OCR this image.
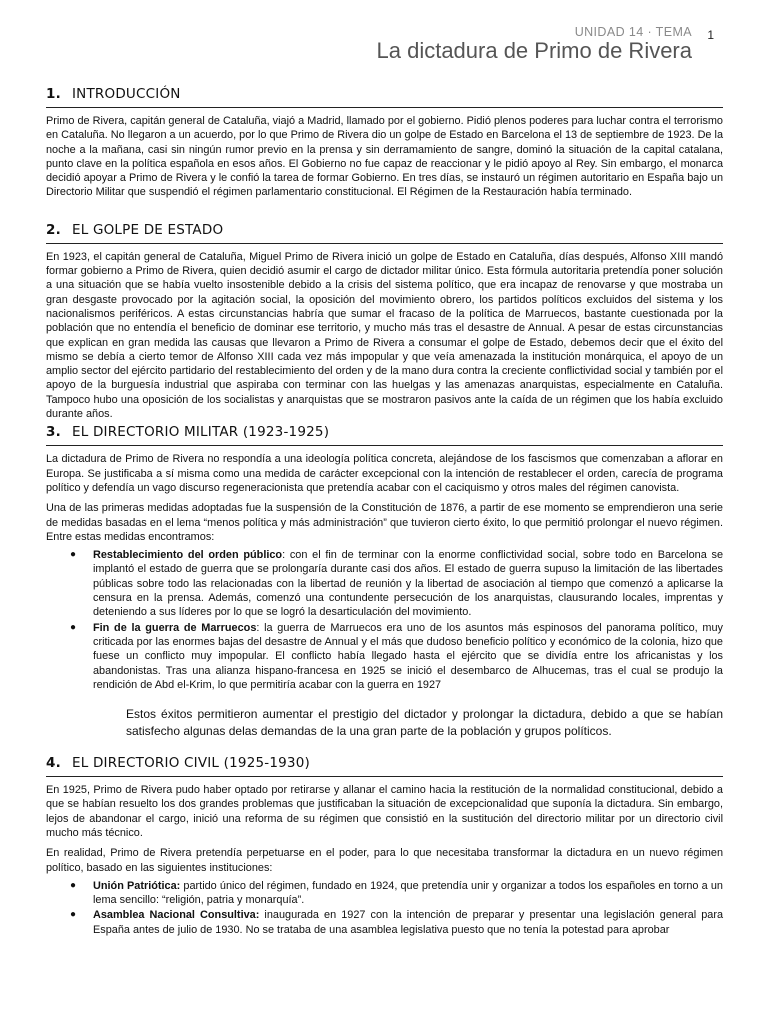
UNIDAD 14 · TEMA 1
La dictadura de Primo de Rivera
1. INTRODUCCIÓN

Primo de Rivera, capitán general de Cataluña, viajó a Madrid, llamado por el gobierno. Pidió plenos poderes para luchar contra el terrorismo en Cataluña. No llegaron a un acuerdo, por lo que Primo de Rivera dio un golpe de Estado en Barcelona el 13 de septiembre de 1923. De la noche a la mañana, casi sin ningún rumor previo en la prensa y sin derramamiento de sangre, dominó la situación de la capital catalana, punto clave en la política española en esos años. El Gobierno no fue capaz de reaccionar y le pidió apoyo al Rey. Sin embargo, el monarca decidió apoyar a Primo de Rivera y le confió la tarea de formar Gobierno. En tres días, se instauró un régimen autoritario en España bajo un Directorio Militar que suspendió el régimen parlamentario constitucional. El Régimen de la Restauración había terminado.

2. EL GOLPE DE ESTADO

En 1923, el capitán general de Cataluña, Miguel Primo de Rivera inició un golpe de Estado en Cataluña, días después, Alfonso XIII mandó formar gobierno a Primo de Rivera, quien decidió asumir el cargo de dictador militar único. Esta fórmula autoritaria pretendía poner solución a una situación que se había vuelto insostenible debido a la crisis del sistema político, que era incapaz de renovarse y que mostraba un gran desgaste provocado por la agitación social, la oposición del movimiento obrero, los partidos políticos excluidos del sistema y los nacionalismos periféricos. A estas circunstancias habría que sumar el fracaso de la política de Marruecos, bastante cuestionada por la población que no entendía el beneficio de dominar ese territorio, y mucho más tras el desastre de Annual. A pesar de estas circunstancias que explican en gran medida las causas que llevaron a Primo de Rivera a consumar el golpe de Estado, debemos decir que el éxito del mismo se debía a cierto temor de Alfonso XIII cada vez más impopular y que veía amenazada la institución monárquica, el apoyo de un amplio sector del ejército partidario del restablecimiento del orden y de la mano dura contra la creciente conflictividad social y también por el apoyo de la burguesía industrial que aspiraba con terminar con las huelgas y las amenazas anarquistas, especialmente en Cataluña. Tampoco hubo una oposición de los socialistas y anarquistas que se mostraron pasivos ante la caída de un régimen que los había excluido durante años.

3. EL DIRECTORIO MILITAR (1923-1925)

La dictadura de Primo de Rivera no respondía a una ideología política concreta, alejándose de los fascismos que comenzaban a aflorar en Europa. Se justificaba a sí misma como una medida de carácter excepcional con la intención de restablecer el orden, carecía de programa político y defendía un vago discurso regeneracionista que pretendía acabar con el caciquismo y otros males del régimen canovista.

Una de las primeras medidas adoptadas fue la suspensión de la Constitución de 1876, a partir de ese momento se emprendieron una serie de medidas basadas en el lema “menos política y más administración” que tuvieron cierto éxito, lo que permitió prolongar el nuevo régimen. Entre estas medidas encontramos:

● Restablecimiento del orden público: con el fin de terminar con la enorme conflictividad social, sobre todo en Barcelona se implantó el estado de guerra que se prolongaría durante casi dos años. El estado de guerra supuso la limitación de las libertades públicas sobre todo las relacionadas con la libertad de reunión y la libertad de asociación al tiempo que comenzó a aplicarse la censura en la prensa. Además, comenzó una contundente persecución de los anarquistas, clausurando locales, imprentas y deteniendo a sus líderes por lo que se logró la desarticulación del movimiento.
● Fin de la guerra de Marruecos: la guerra de Marruecos era uno de los asuntos más espinosos del panorama político, muy criticada por las enormes bajas del desastre de Annual y el más que dudoso beneficio político y económico de la colonia, hizo que fuese un conflicto muy impopular. El conflicto había llegado hasta el ejército que se dividía entre los africanistas y los abandonistas. Tras una alianza hispano-francesa en 1925 se inició el desembarco de Alhucemas, tras el cual se produjo la rendición de Abd el-Krim, lo que permitiría acabar con la guerra en 1927

Estos éxitos permitieron aumentar el prestigio del dictador y prolongar la dictadura, debido a que se habían satisfecho algunas delas demandas de la una gran parte de la población y grupos políticos.

4. EL DIRECTORIO CIVIL (1925-1930)

En 1925, Primo de Rivera pudo haber optado por retirarse y allanar el camino hacia la restitución de la normalidad constitucional, debido a que se habían resuelto los dos grandes problemas que justificaban la situación de excepcionalidad que suponía la dictadura. Sin embargo, lejos de abandonar el cargo, inició una reforma de su régimen que consistió en la sustitución del directorio militar por un directorio civil mucho más técnico.

En realidad, Primo de Rivera pretendía perpetuarse en el poder, para lo que necesitaba transformar la dictadura en un nuevo régimen político, basado en las siguientes instituciones:

● Unión Patriótica: partido único del régimen, fundado en 1924, que pretendía unir y organizar a todos los españoles en torno a un lema sencillo: “religión, patria y monarquía”.
● Asamblea Nacional Consultiva: inaugurada en 1927 con la intención de preparar y presentar una legislación general para España antes de julio de 1930. No se trataba de una asamblea legislativa puesto que no tenía la potestad para aprobar
